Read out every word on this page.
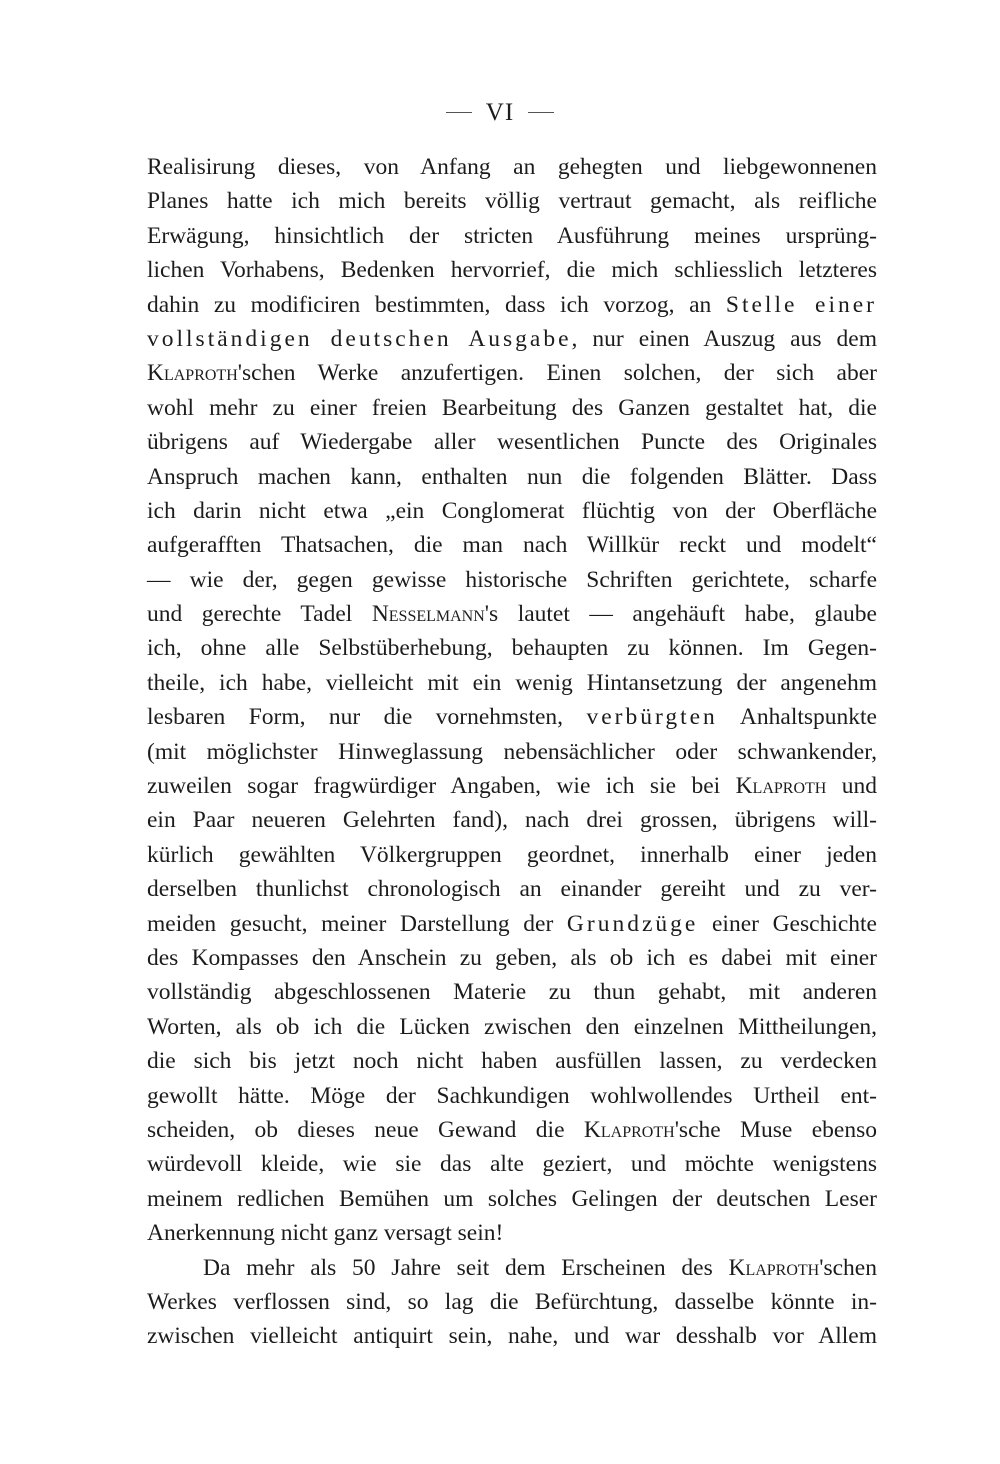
VI
Realisirung dieses, von Anfang an gehegten und liebgewonnenen
Planes hatte ich mich bereits völlig vertraut gemacht, als reifliche
Erwägung, hinsichtlich der stricten Ausführung meines ursprüng-
lichen Vorhabens, Bedenken hervorrief, die mich schliesslich letzteres
dahin zu modificiren bestimmten, dass ich vorzog, an Stelle einer
vollständigen deutschen Ausgabe, nur einen Auszug aus dem
Klaproth'schen Werke anzufertigen. Einen solchen, der sich aber
wohl mehr zu einer freien Bearbeitung des Ganzen gestaltet hat, die
übrigens auf Wiedergabe aller wesentlichen Puncte des Originales
Anspruch machen kann, enthalten nun die folgenden Blätter. Dass
ich darin nicht etwa „ein Conglomerat flüchtig von der Oberfläche
aufgerafften Thatsachen, die man nach Willkür reckt und modelt“
— wie der, gegen gewisse historische Schriften gerichtete, scharfe
und gerechte Tadel Nesselmann's lautet — angehäuft habe, glaube
ich, ohne alle Selbstüberhebung, behaupten zu können. Im Gegen-
theile, ich habe, vielleicht mit ein wenig Hintansetzung der angenehm
lesbaren Form, nur die vornehmsten, verbürgten Anhaltspunkte
(mit möglichster Hinweglassung nebensächlicher oder schwankender,
zuweilen sogar fragwürdiger Angaben, wie ich sie bei Klaproth und
ein Paar neueren Gelehrten fand), nach drei grossen, übrigens will-
kürlich gewählten Völkergruppen geordnet, innerhalb einer jeden
derselben thunlichst chronologisch an einander gereiht und zu ver-
meiden gesucht, meiner Darstellung der Grundzüge einer Geschichte
des Kompasses den Anschein zu geben, als ob ich es dabei mit einer
vollständig abgeschlossenen Materie zu thun gehabt, mit anderen
Worten, als ob ich die Lücken zwischen den einzelnen Mittheilungen,
die sich bis jetzt noch nicht haben ausfüllen lassen, zu verdecken
gewollt hätte. Möge der Sachkundigen wohlwollendes Urtheil ent-
scheiden, ob dieses neue Gewand die Klaproth'sche Muse ebenso
würdevoll kleide, wie sie das alte geziert, und möchte wenigstens
meinem redlichen Bemühen um solches Gelingen der deutschen Leser
Anerkennung nicht ganz versagt sein!
Da mehr als 50 Jahre seit dem Erscheinen des Klaproth'schen
Werkes verflossen sind, so lag die Befürchtung, dasselbe könnte in-
zwischen vielleicht antiquirt sein, nahe, und war desshalb vor Allem
